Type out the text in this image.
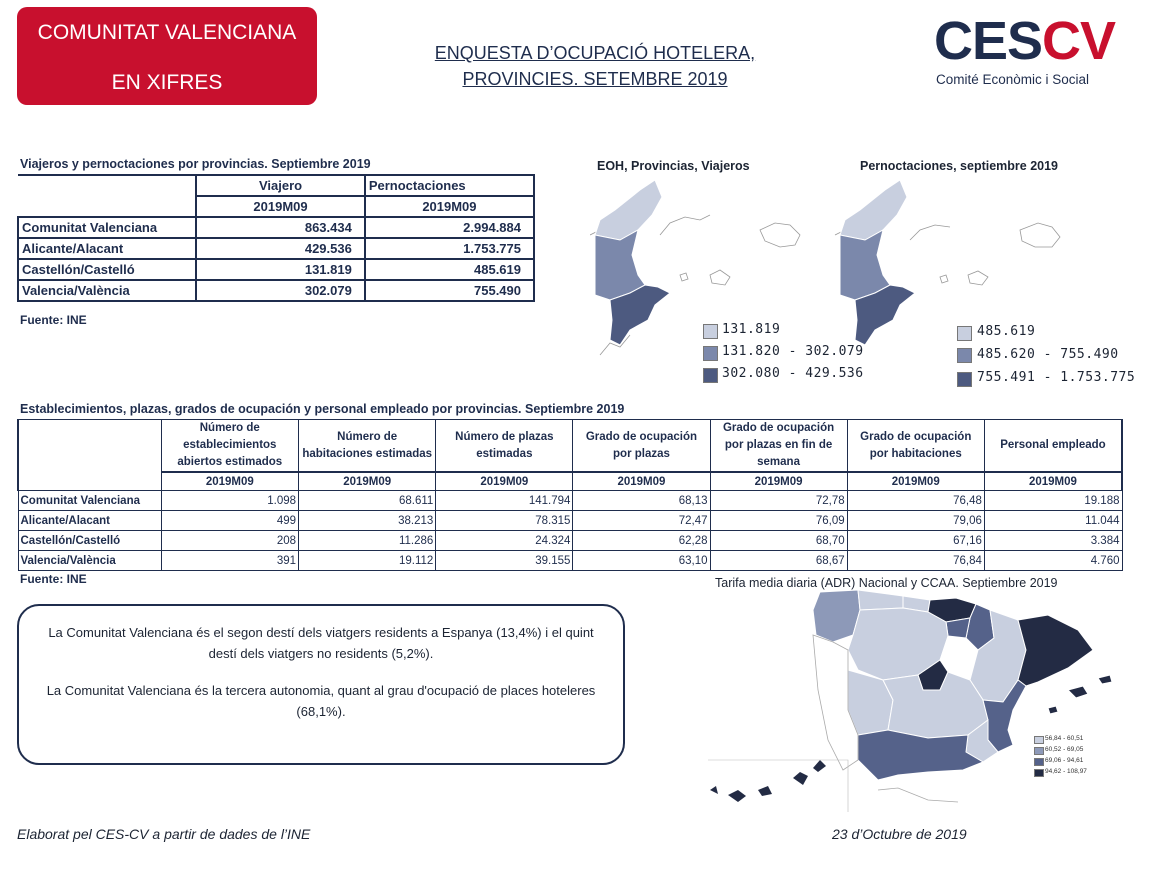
COMUNITAT VALENCIANA
EN XIFRES
ENQUESTA D’OCUPACIÓ HOTELERA,
PROVINCIES. SETEMBRE 2019
CESCV
Comité Econòmic i Social
Viajeros y pernoctaciones por provincias. Septiembre 2019
	Viajero	Pernoctaciones
	2019M09	2019M09
Comunitat Valenciana	863.434	2.994.884
Alicante/Alacant	429.536	1.753.775
Castellón/Castelló	131.819	485.619
Valencia/València	302.079	755.490
Fuente: INE
EOH, Provincias, Viajeros	Pernoctaciones, septiembre 2019
131.819
131.820 - 302.079
302.080 - 429.536
485.619
485.620 - 755.490
755.491 - 1.753.775
Establecimientos, plazas, grados de ocupación y personal empleado por provincias. Septiembre 2019
	Número de establecimientos abiertos estimados	Número de habitaciones estimadas	Número de plazas estimadas	Grado de ocupación por plazas	Grado de ocupación por plazas en fin de semana	Grado de ocupación por habitaciones	Personal empleado
	2019M09	2019M09	2019M09	2019M09	2019M09	2019M09	2019M09
Comunitat Valenciana	1.098	68.611	141.794	68,13	72,78	76,48	19.188
Alicante/Alacant	499	38.213	78.315	72,47	76,09	79,06	11.044
Castellón/Castelló	208	11.286	24.324	62,28	68,70	67,16	3.384
Valencia/València	391	19.112	39.155	63,10	68,67	76,84	4.760
Fuente: INE

La Comunitat Valenciana és el segon destí dels viatgers residents a Espanya (13,4%) i el quint destí dels viatgers no residents (5,2%).

La Comunitat Valenciana és la tercera autonomia, quant al grau d'ocupació de places hoteleres (68,1%).

Tarifa media diaria (ADR) Nacional y CCAA. Septiembre 2019
56,84 - 60,51
60,52 - 69,05
69,06 - 94,61
94,62 - 108,97
Elaborat pel CES-CV a partir de dades de l’INE	23 d’Octubre de 2019
